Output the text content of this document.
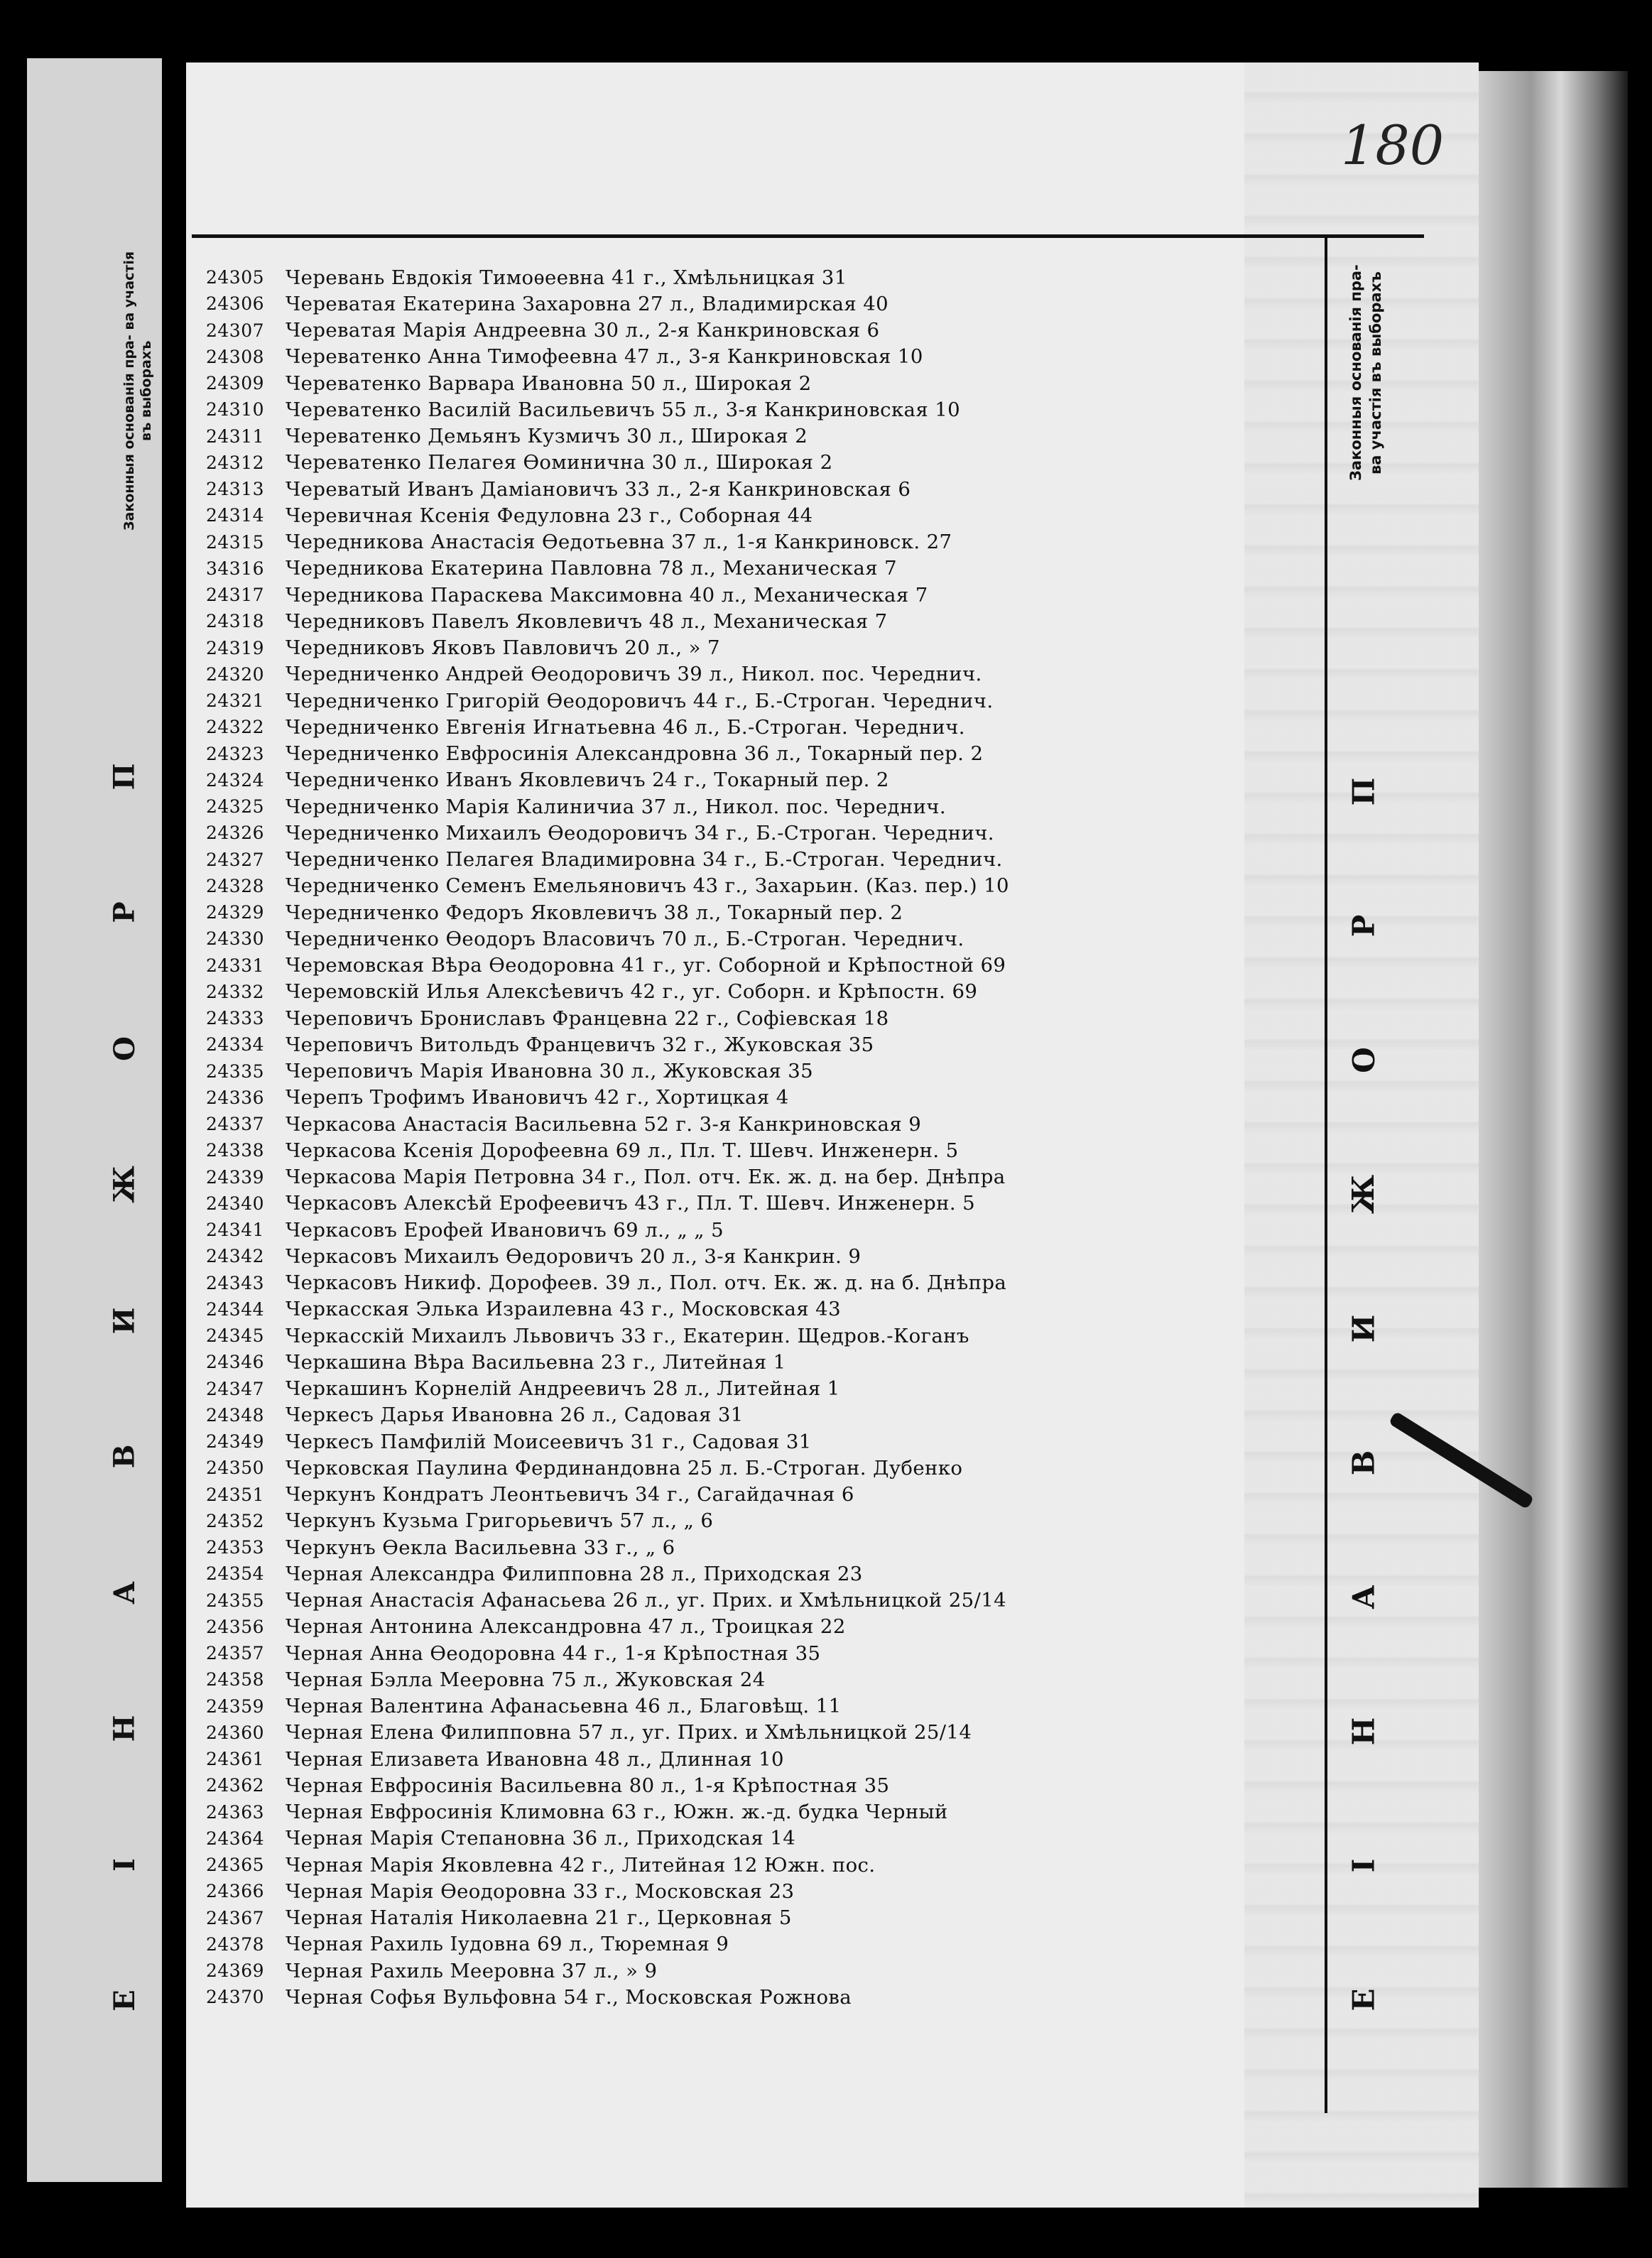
Законныя основанія пра- ва участія въ выборахъ
П
Р
О
Ж
И
В
А
Н
І
Е
180
Законныя основанія пра- ва участія въ выборахъ
П
Р
О
Ж
И
В
А
Н
І
Е
24305	Черевань Евдокія Тимоѳеевна 41 г., Хмѣльницкая 31
24306	Череватая Екатерина Захаровна 27 л., Владимирская 40
24307	Череватая Марія Андреевна 30 л., 2-я Канкриновская 6
24308	Череватенко Анна Тимофеевна 47 л., 3-я Канкриновская 10
24309	Череватенко Варвара Ивановна 50 л., Широкая 2
24310	Череватенко Василій Васильевичъ 55 л., 3-я Канкриновская 10
24311	Череватенко Демьянъ Кузмичъ 30 л., Широкая 2
24312	Череватенко Пелагея Ѳоминична 30 л., Широкая 2
24313	Череватый Иванъ Даміановичъ 33 л., 2-я Канкриновская 6
24314	Черевичная Ксенія Федуловна 23 г., Соборная 44
24315	Чередникова Анастасія Ѳедотьевна 37 л., 1-я Канкриновск. 27
34316	Чередникова Екатерина Павловна 78 л., Механическая 7
24317	Чередникова Параскева Максимовна 40 л., Механическая 7
24318	Чередниковъ Павелъ Яковлевичъ 48 л., Механическая 7
24319	Чередниковъ Яковъ Павловичъ 20 л., » 7
24320	Чередниченко Андрей Ѳеодоровичъ 39 л., Никол. пос. Череднич.
24321	Чередниченко Григорій Ѳеодоровичъ 44 г., Б.-Строган. Череднич.
24322	Чередниченко Евгенія Игнатьевна 46 л., Б.-Строган. Череднич.
24323	Чередниченко Евфросинія Александровна 36 л., Токарный пер. 2
24324	Чередниченко Иванъ Яковлевичъ 24 г., Токарный пер. 2
24325	Чередниченко Марія Калиничиа 37 л., Никол. пос. Череднич.
24326	Чередниченко Михаилъ Ѳеодоровичъ 34 г., Б.-Строган. Череднич.
24327	Чередниченко Пелагея Владимировна 34 г., Б.-Строган. Череднич.
24328	Чередниченко Семенъ Емельяновичъ 43 г., Захарьин. (Каз. пер.) 10
24329	Чередниченко Федоръ Яковлевичъ 38 л., Токарный пер. 2
24330	Чередниченко Ѳеодоръ Власовичъ 70 л., Б.-Строган. Череднич.
24331	Черемовская Вѣра Ѳеодоровна 41 г., уг. Соборной и Крѣпостной 69
24332	Черемовскій Илья Алексѣевичъ 42 г., уг. Соборн. и Крѣпостн. 69
24333	Череповичъ Брониславъ Францевна 22 г., Софіевская 18
24334	Череповичъ Витольдъ Францевичъ 32 г., Жуковская 35
24335	Череповичъ Марія Ивановна 30 л., Жуковская 35
24336	Черепъ Трофимъ Ивановичъ 42 г., Хортицкая 4
24337	Черкасова Анастасія Васильевна 52 г. 3-я Канкриновская 9
24338	Черкасова Ксенія Дорофеевна 69 л., Пл. Т. Шевч. Инженерн. 5
24339	Черкасова Марія Петровна 34 г., Пол. отч. Ек. ж. д. на бер. Днѣпра
24340	Черкасовъ Алексѣй Ерофеевичъ 43 г., Пл. Т. Шевч. Инженерн. 5
24341	Черкасовъ Ерофей Ивановичъ 69 л., „ „ 5
24342	Черкасовъ Михаилъ Ѳедоровичъ 20 л., 3-я Канкрин. 9
24343	Черкасовъ Никиф. Дорофеев. 39 л., Пол. отч. Ек. ж. д. на б. Днѣпра
24344	Черкасская Элька Израилевна 43 г., Московская 43
24345	Черкасскій Михаилъ Львовичъ 33 г., Екатерин. Щедров.-Коганъ
24346	Черкашина Вѣра Васильевна 23 г., Литейная 1
24347	Черкашинъ Корнелій Андреевичъ 28 л., Литейная 1
24348	Черкесъ Дарья Ивановна 26 л., Садовая 31
24349	Черкесъ Памфилій Моисеевичъ 31 г., Садовая 31
24350	Черковская Паулина Фердинандовна 25 л. Б.-Строган. Дубенко
24351	Черкунъ Кондратъ Леонтьевичъ 34 г., Сагайдачная 6
24352	Черкунъ Кузьма Григорьевичъ 57 л., „ 6
24353	Черкунъ Ѳекла Васильевна 33 г., „ 6
24354	Черная Александра Филипповна 28 л., Приходская 23
24355	Черная Анастасія Афанасьева 26 л., уг. Прих. и Хмѣльницкой 25/14
24356	Черная Антонина Александровна 47 л., Троицкая 22
24357	Черная Анна Ѳеодоровна 44 г., 1-я Крѣпостная 35
24358	Черная Бэлла Мееровна 75 л., Жуковская 24
24359	Черная Валентина Афанасьевна 46 л., Благовѣщ. 11
24360	Черная Елена Филипповна 57 л., уг. Прих. и Хмѣльницкой 25/14
24361	Черная Елизавета Ивановна 48 л., Длинная 10
24362	Черная Евфросинія Васильевна 80 л., 1-я Крѣпостная 35
24363	Черная Евфросинія Климовна 63 г., Южн. ж.-д. будка Черный
24364	Черная Марія Степановна 36 л., Приходская 14
24365	Черная Марія Яковлевна 42 г., Литейная 12 Южн. пос.
24366	Черная Марія Ѳеодоровна 33 г., Московская 23
24367	Черная Наталія Николаевна 21 г., Церковная 5
24378	Черная Рахиль Іудовна 69 л., Тюремная 9
24369	Черная Рахиль Мееровна 37 л., » 9
24370	Черная Софья Вульфовна 54 г., Московская Рожнова
